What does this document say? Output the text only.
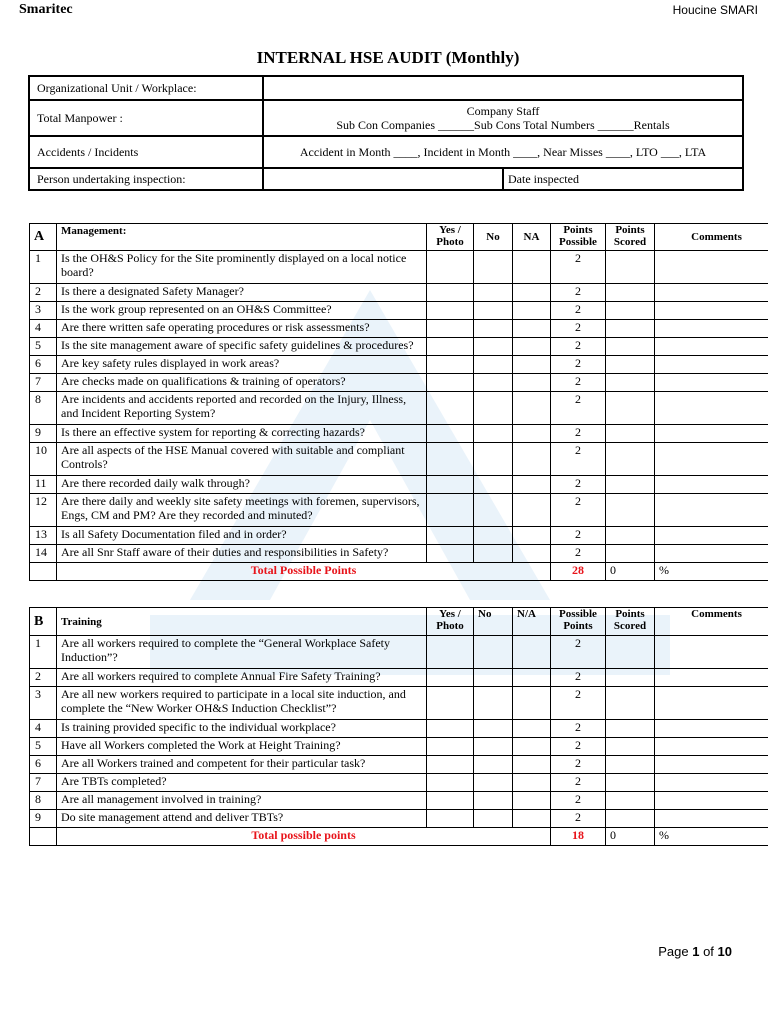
Smaritec	Houcine SMARI
INTERNAL HSE AUDIT (Monthly)
Organizational Unit / Workplace:		
Total Manpower :	Company Staff
Sub Con Companies ______Sub Cons Total Numbers ______Rentals	

Accidents / Incidents	Accident in Month ____, Incident in Month ____, Near Misses ____, LTO ___, LTA	
Person undertaking inspection:		Date inspected
A	Management:	Yes / Photo	No	NA	Points Possible	Points Scored	Comments
1	Is the OH&S Policy for the Site prominently displayed on a local notice board?				2		
2	Is there a designated Safety Manager?				2		
3	Is the work group represented on an OH&S Committee?				2		
4	Are there written safe operating procedures or risk assessments?				2		
5	Is the site management aware of specific safety guidelines & procedures?				2		
6	Are key safety rules displayed in work areas?				2		
7	Are checks made on qualifications & training of operators?				2		
8	Are incidents and accidents reported and recorded on the Injury, Illness, and Incident Reporting System?				2		
9	Is there an effective system for reporting & correcting hazards?				2		
10	Are all aspects of the HSE Manual covered with suitable and compliant Controls?				2		
11	Are there recorded daily walk through?				2		
12	Are there daily and weekly site safety meetings with foremen, supervisors, Engs, CM and PM? Are they recorded and minuted?				2		
13	Is all Safety Documentation filed and in order?				2		
14	Are all Snr Staff aware of their duties and responsibilities in Safety?				2		
	Total Possible Points				28	0	%
B	Training	Yes / Photo	No	N/A	Possible Points	Points Scored	Comments
1	Are all workers required to complete the “General Workplace Safety Induction”?				2		
2	Are all workers required to complete Annual Fire Safety Training?				2		
3	Are all new workers required to participate in a local site induction, and complete the “New Worker OH&S Induction Checklist”?				2		
4	Is training provided specific to the individual workplace?				2		
5	Have all Workers completed the Work at Height Training?				2		
6	Are all Workers trained and competent for their particular task?				2		
7	Are TBTs completed?				2		
8	Are all management involved in training?				2		
9	Do site management attend and deliver TBTs?				2		
	Total possible points				18	0	%
Page 1 of 10
